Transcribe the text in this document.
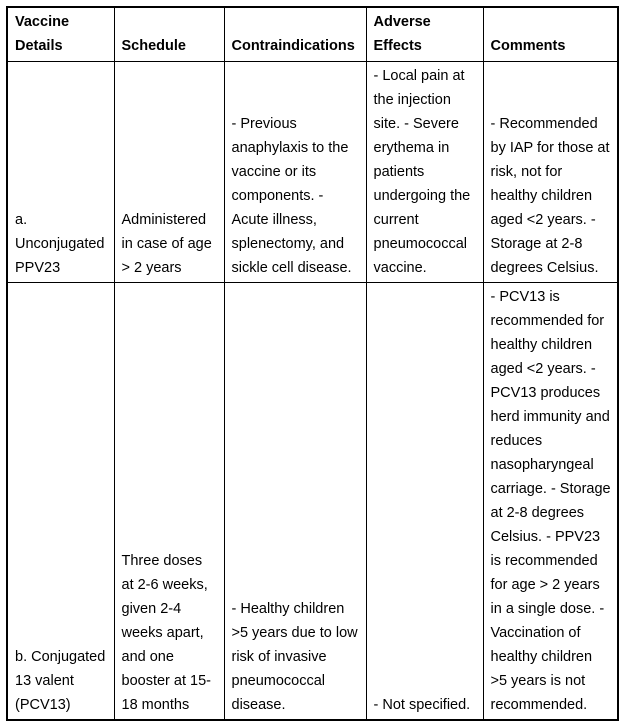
Vaccine Details	Schedule	Contraindications	Adverse Effects	Comments
a. Unconjugated PPV23	Administered in case of age > 2 years	- Previous anaphylaxis to the vaccine or its components. - Acute illness, splenectomy, and sickle cell disease.	- Local pain at the injection site. - Severe erythema in patients undergoing the current pneumococcal vaccine.	- Recommended by IAP for those at risk, not for healthy children aged <2 years. - Storage at 2-8 degrees Celsius.
b. Conjugated 13 valent (PCV13)	Three doses at 2-6 weeks, given 2-4 weeks apart, and one booster at 15-18 months	- Healthy children >5 years due to low risk of invasive pneumococcal disease.	- Not specified.	- PCV13 is recommended for healthy children aged <2 years. - PCV13 produces herd immunity and reduces nasopharyngeal carriage. - Storage at 2-8 degrees Celsius. - PPV23 is recommended for age > 2 years in a single dose. - Vaccination of healthy children >5 years is not recommended.
